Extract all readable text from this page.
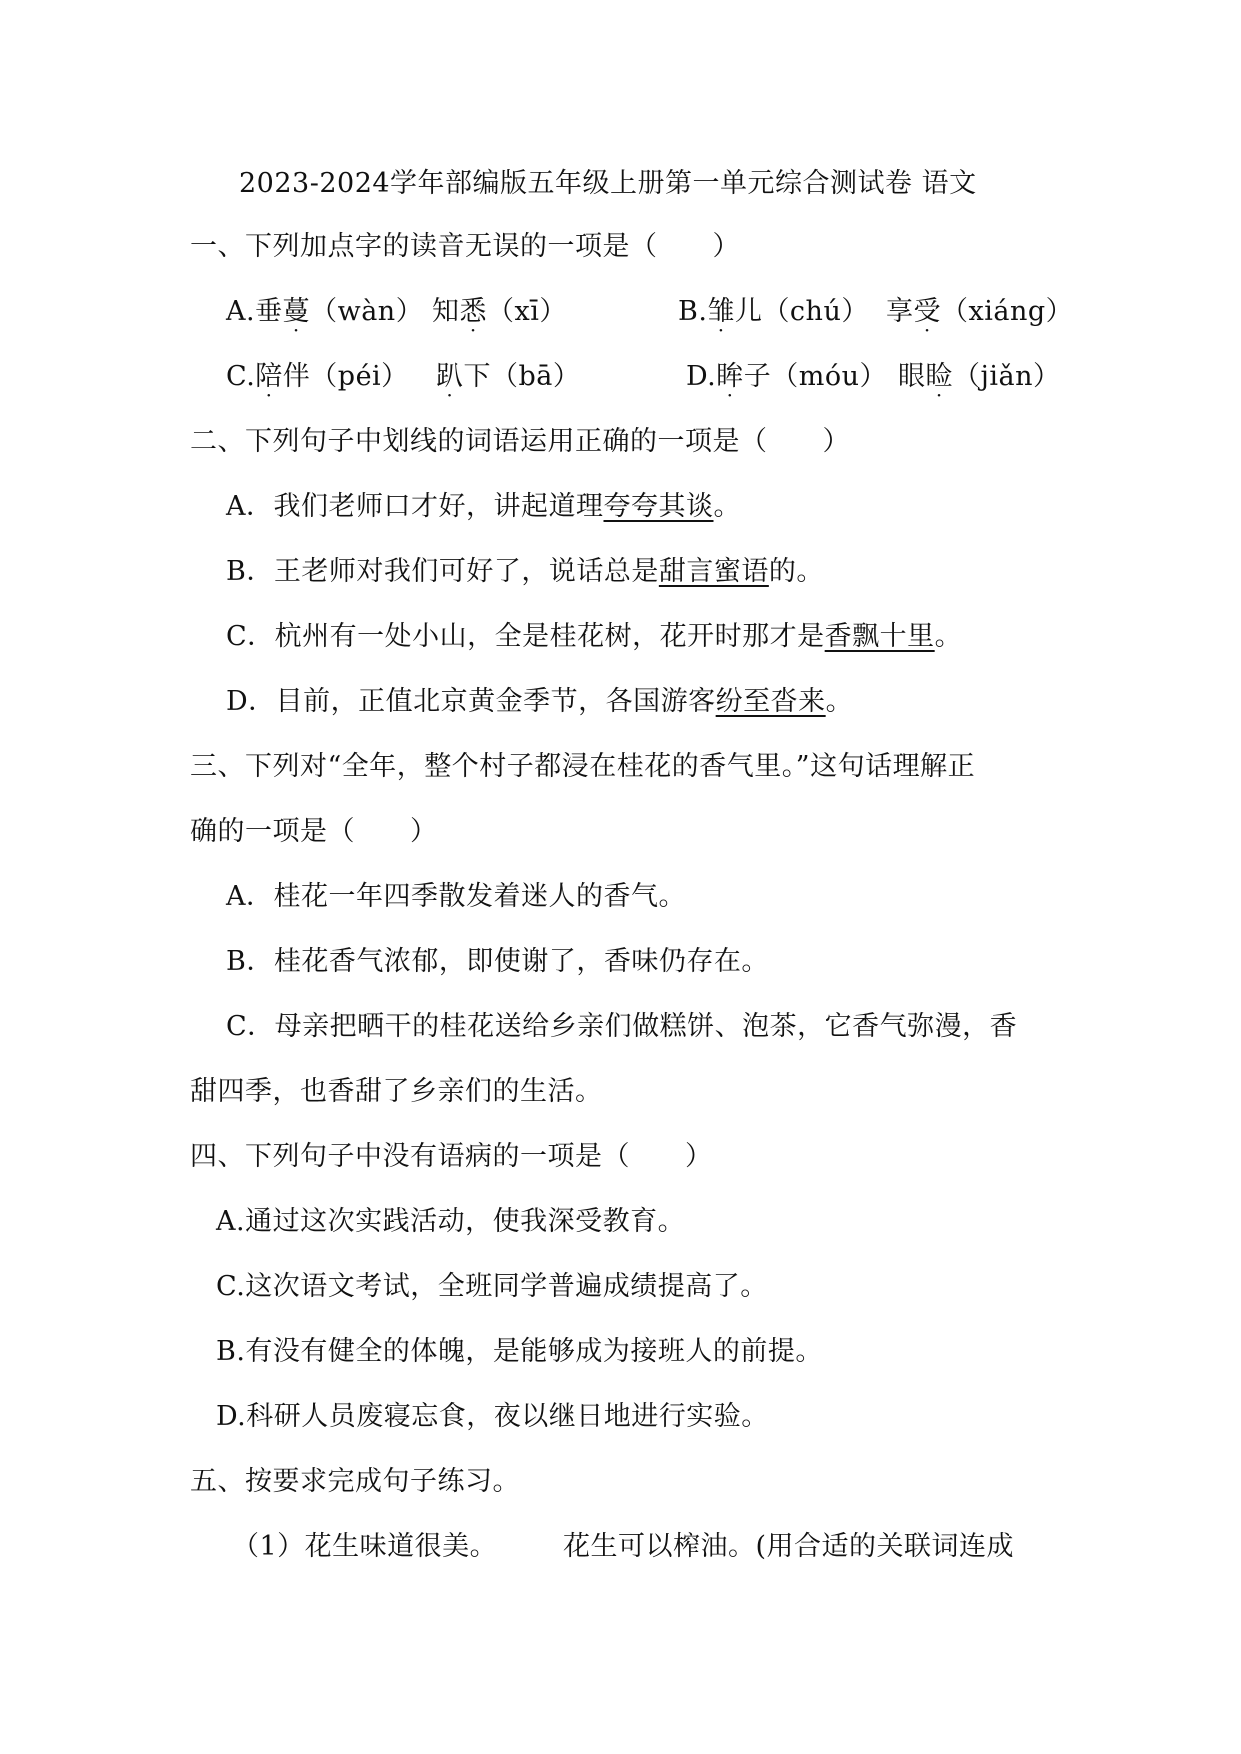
2023-2024学年部编版五年级上册第一单元综合测试卷 语文
一、下列加点字的读音无误的一项是（　　）
A.垂蔓（wàn） 知悉（xī）	B.雏儿（chú） 享受（xiáng）
C.陪伴（péi） 趴下（bā）	D.眸子（móu） 眼睑（jiǎn）
二、下列句子中划线的词语运用正确的一项是（　　）
A．我们老师口才好，讲起道理夸夸其谈。
B．王老师对我们可好了，说话总是甜言蜜语的。
C．杭州有一处小山，全是桂花树，花开时那才是香飘十里。
D．目前，正值北京黄金季节，各国游客纷至沓来。
三、下列对“全年，整个村子都浸在桂花的香气里。”这句话理解正
确的一项是（　　）
A．桂花一年四季散发着迷人的香气。
B．桂花香气浓郁，即使谢了，香味仍存在。
C．母亲把晒干的桂花送给乡亲们做糕饼、泡茶，它香气弥漫，香
甜四季，也香甜了乡亲们的生活。
四、下列句子中没有语病的一项是（　　）
A.通过这次实践活动，使我深受教育。
C.这次语文考试，全班同学普遍成绩提高了。
B.有没有健全的体魄，是能够成为接班人的前提。
D.科研人员废寝忘食，夜以继日地进行实验。
五、按要求完成句子练习。
（1）花生味道很美。 花生可以榨油。(用合适的关联词连成
